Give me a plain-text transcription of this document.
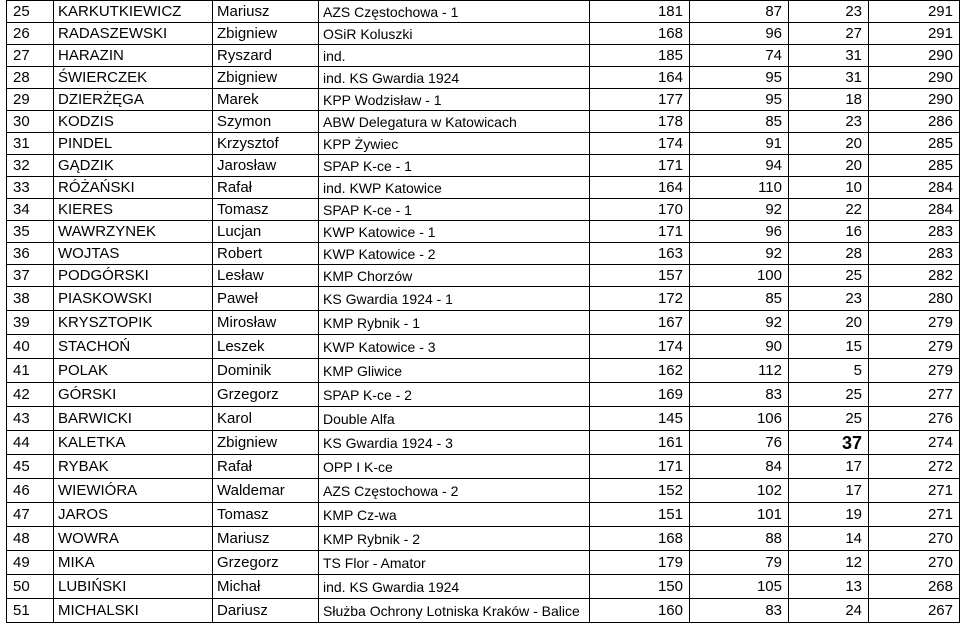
25	KARKUTKIEWICZ	Mariusz	AZS Częstochowa - 1	181	87	23	291
26	RADASZEWSKI	Zbigniew	OSiR Koluszki	168	96	27	291
27	HARAZIN	Ryszard	ind.	185	74	31	290
28	ŚWIERCZEK	Zbigniew	ind. KS Gwardia 1924	164	95	31	290
29	DZIERŻĘGA	Marek	KPP Wodzisław - 1	177	95	18	290
30	KODZIS	Szymon	ABW Delegatura w Katowicach	178	85	23	286
31	PINDEL	Krzysztof	KPP Żywiec	174	91	20	285
32	GĄDZIK	Jarosław	SPAP K-ce - 1	171	94	20	285
33	RÓŻAŃSKI	Rafał	ind. KWP Katowice	164	110	10	284
34	KIERES	Tomasz	SPAP K-ce - 1	170	92	22	284
35	WAWRZYNEK	Lucjan	KWP Katowice - 1	171	96	16	283
36	WOJTAS	Robert	KWP Katowice - 2	163	92	28	283
37	PODGÓRSKI	Lesław	KMP Chorzów	157	100	25	282
38	PIASKOWSKI	Paweł	KS Gwardia 1924 - 1	172	85	23	280
39	KRYSZTOPIK	Mirosław	KMP Rybnik - 1	167	92	20	279
40	STACHOŃ	Leszek	KWP Katowice - 3	174	90	15	279
41	POLAK	Dominik	KMP Gliwice	162	112	5	279
42	GÓRSKI	Grzegorz	SPAP K-ce - 2	169	83	25	277
43	BARWICKI	Karol	Double Alfa	145	106	25	276
44	KALETKA	Zbigniew	KS Gwardia 1924 - 3	161	76	37	274
45	RYBAK	Rafał	OPP I K-ce	171	84	17	272
46	WIEWIÓRA	Waldemar	AZS Częstochowa - 2	152	102	17	271
47	JAROS	Tomasz	KMP Cz-wa	151	101	19	271
48	WOWRA	Mariusz	KMP Rybnik - 2	168	88	14	270
49	MIKA	Grzegorz	TS Flor - Amator	179	79	12	270
50	LUBIŃSKI	Michał	ind. KS Gwardia 1924	150	105	13	268
51	MICHALSKI	Dariusz	Służba Ochrony Lotniska Kraków - Balice	160	83	24	267
